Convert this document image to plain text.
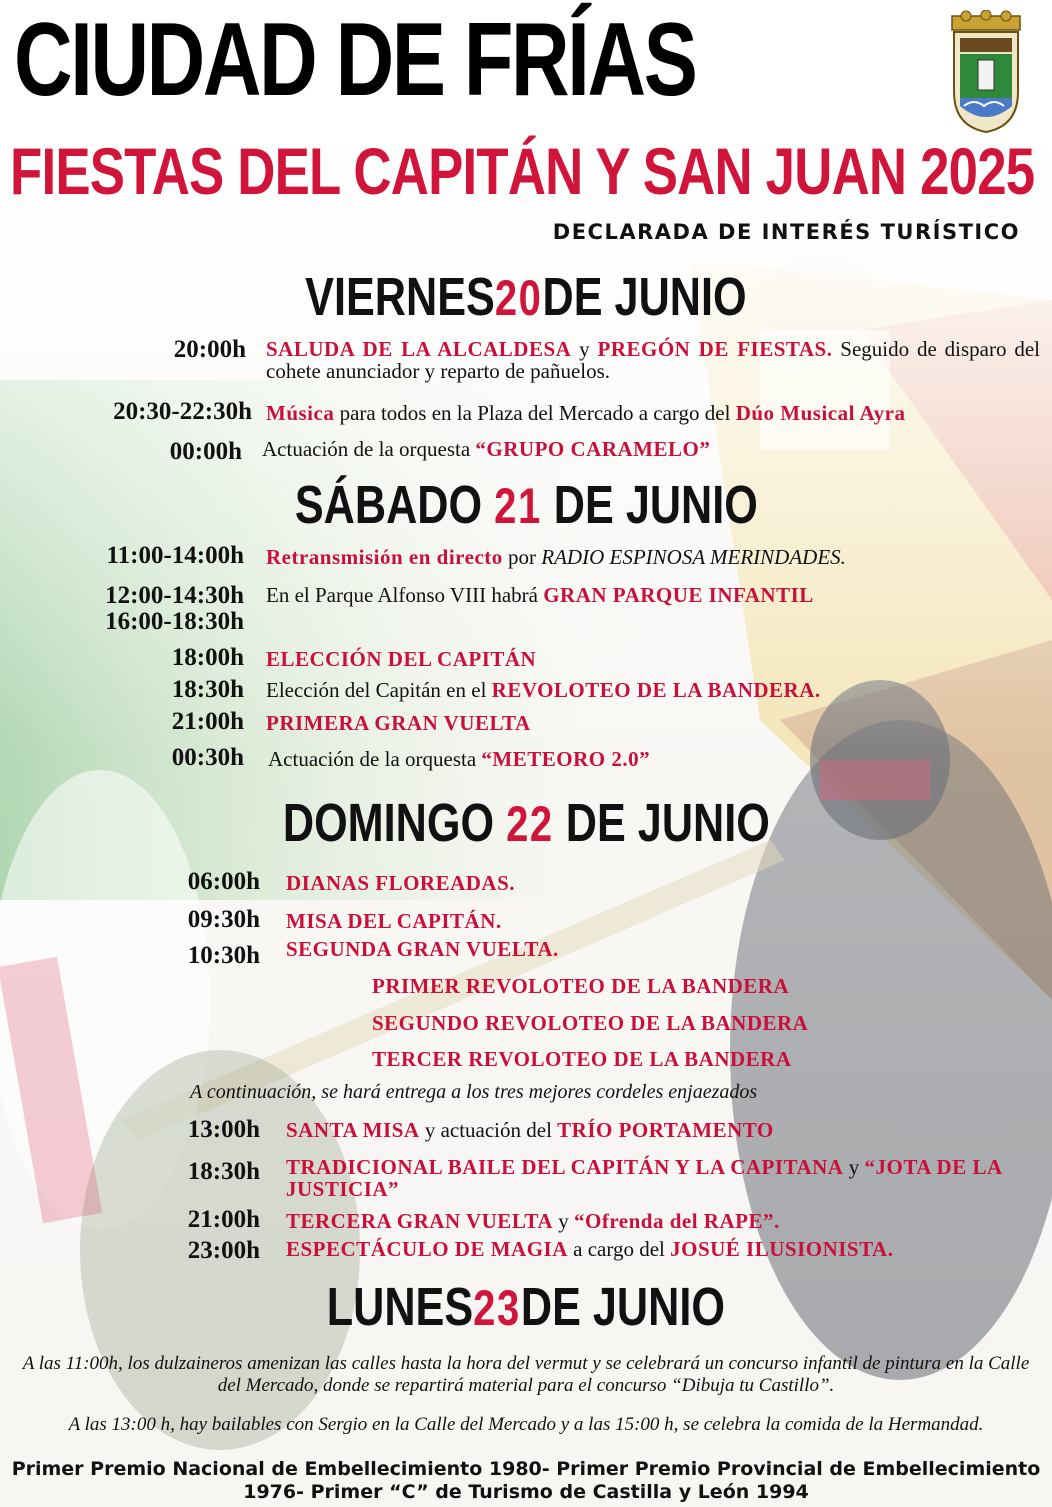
CIUDAD DE FRÍAS
FIESTAS DEL CAPITÁN Y SAN JUAN 2025
DECLARADA DE INTERÉS TURÍSTICO
VIERNES20DE JUNIO
20:00h SALUDA DE LA ALCALDESA y PREGÓN DE FIESTAS. Seguido de disparo del cohete anunciador y reparto de pañuelos.
20:30-22:30h Música para todos en la Plaza del Mercado a cargo del Dúo Musical Ayra
00:00h Actuación de la orquesta “GRUPO CARAMELO”
SÁBADO 21 DE JUNIO
11:00-14:00h Retransmisión en directo por RADIO ESPINOSA MERINDADES.
12:00-14:30h
16:00-18:30h
En el Parque Alfonso VIII habrá GRAN PARQUE INFANTIL
18:00h ELECCIÓN DEL CAPITÁN
18:30h Elección del Capitán en el REVOLOTEO DE LA BANDERA.
21:00h PRIMERA GRAN VUELTA
00:30h Actuación de la orquesta “METEORO 2.0”
DOMINGO 22 DE JUNIO
06:00h DIANAS FLOREADAS.
09:30h MISA DEL CAPITÁN.
10:30h SEGUNDA GRAN VUELTA.
PRIMER REVOLOTEO DE LA BANDERA
SEGUNDO REVOLOTEO DE LA BANDERA
TERCER REVOLOTEO DE LA BANDERA
A continuación, se hará entrega a los tres mejores cordeles enjaezados
13:00h SANTA MISA y actuación del TRÍO PORTAMENTO
18:30h TRADICIONAL BAILE DEL CAPITÁN Y LA CAPITANA y “JOTA DE LA JUSTICIA”
21:00h TERCERA GRAN VUELTA y “Ofrenda del RAPE”.
23:00h ESPECTÁCULO DE MAGIA a cargo del JOSUÉ ILUSIONISTA.
LUNES23DE JUNIO
A las 11:00h, los dulzaineros amenizan las calles hasta la hora del vermut y se celebrará un concurso infantil de pintura en la Calle del Mercado, donde se repartirá material para el concurso “Dibuja tu Castillo”.
A las 13:00 h, hay bailables con Sergio en la Calle del Mercado y a las 15:00 h, se celebra la comida de la Hermandad.
Primer Premio Nacional de Embellecimiento 1980- Primer Premio Provincial de Embellecimiento 1976- Primer “C” de Turismo de Castilla y León 1994
